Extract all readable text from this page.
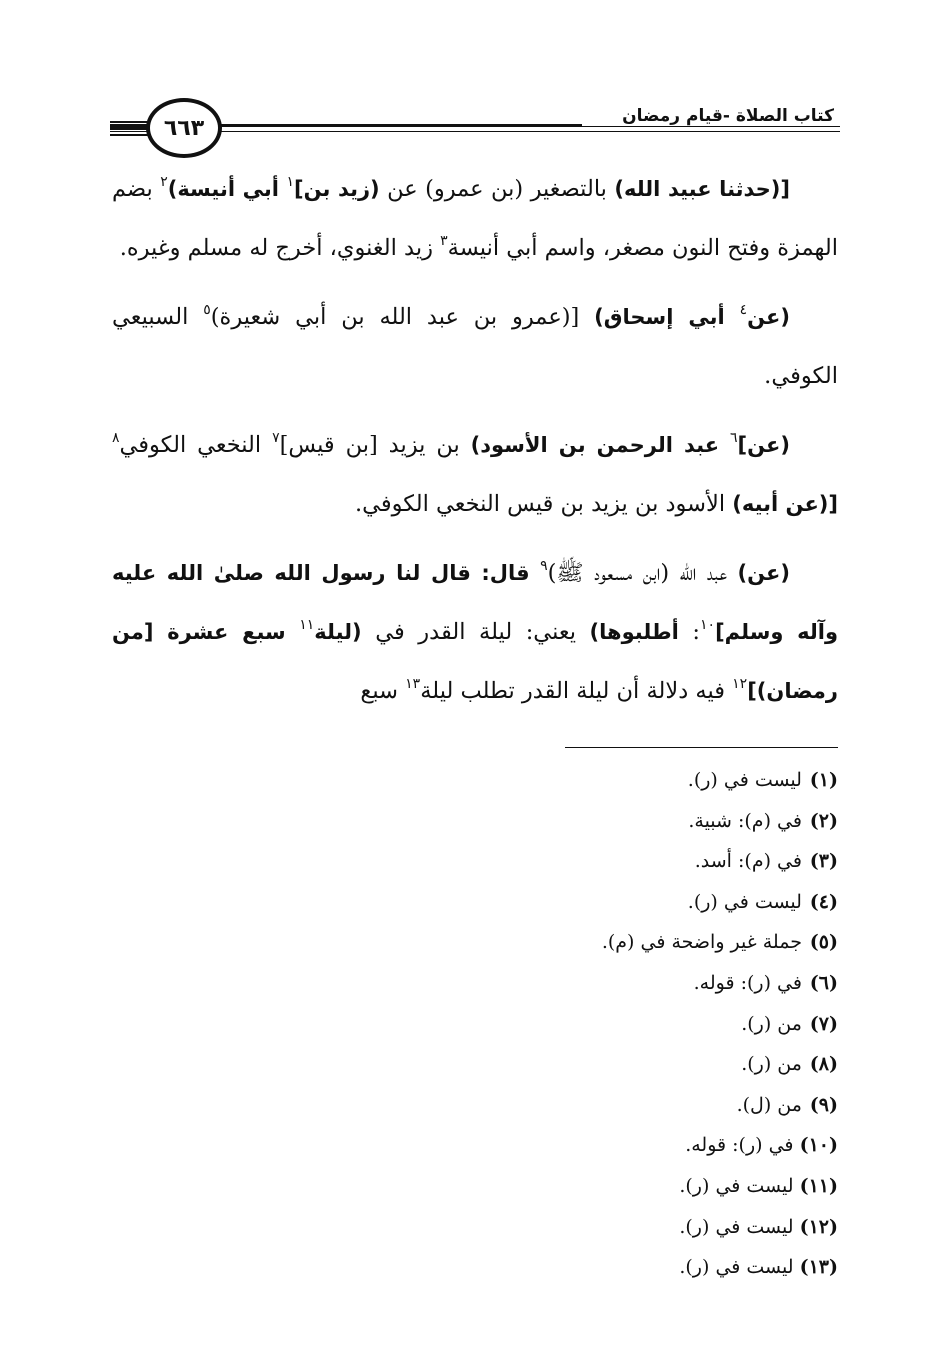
كتاب الصلاة -قيام رمضان
٦٦٣

[(حدثنا عبيد الله) بالتصغير (بن عمرو) عن (زيد بن]$^١$ أبي أنيسة)$^٢$ بضم الهمزة وفتح النون مصغر، واسم أبي أنيسة$^٣$ زيد الغنوي، أخرج له مسلم وغيره.

(عن$^٤$ أبي إسحاق) [(عمرو بن عبد الله بن أبي شعيرة)$^٥$ السبيعي الكوفي.

(عن]$^٦$ عبد الرحمن بن الأسود) بن يزيد [بن قيس]$^٧$ النخعي الكوفي$^٨$ [(عن أبيه) الأسود بن يزيد بن قيس النخعي الكوفي.

(عن) عبد الله (ابن مسعود ﷺ)$^٩$ قال: قال لنا رسول الله صلىٰ الله عليه وآله وسلم]$^{١٠}$: أطلبوها) يعني: ليلة القدر في (ليلة$^{١١}$ سبع عشرة [من رمضان)]$^{١٢}$ فيه دلالة أن ليلة القدر تطلب ليلة$^{١٣}$ سبع

(١) ليست في (ر).
(٢) في (م): شبية.
(٣) في (م): أسد.
(٤) ليست في (ر).
(٥) جملة غير واضحة في (م).
(٦) في (ر): قوله.
(٧) من (ر).
(٨) من (ر).
(٩) من (ل).
(١٠) في (ر): قوله.
(١١) ليست في (ر).
(١٢) ليست في (ر).
(١٣) ليست في (ر).
